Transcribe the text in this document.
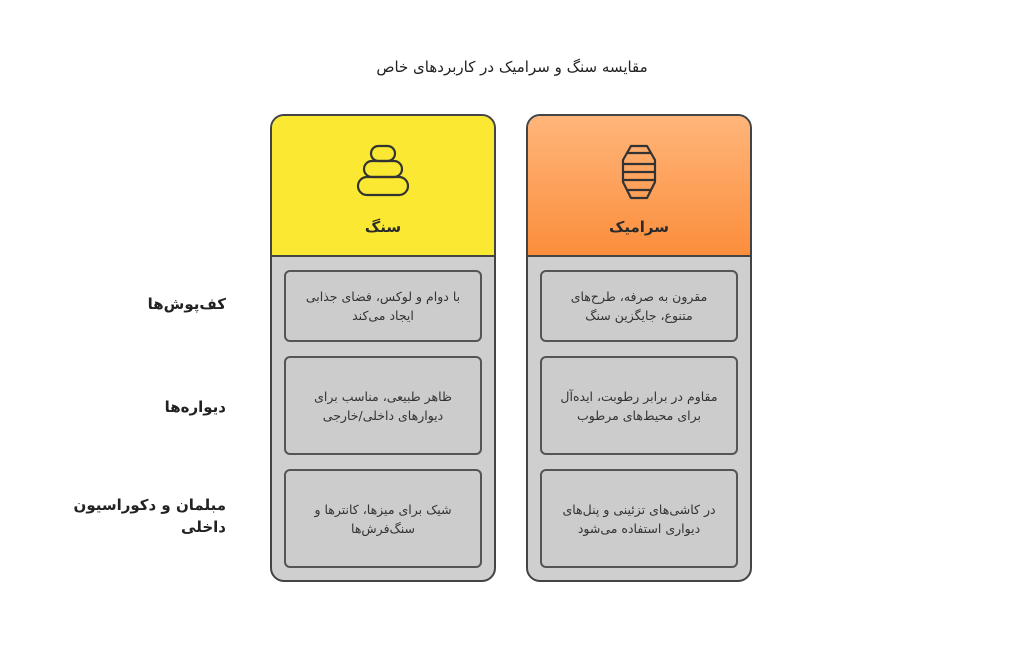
مقایسه سنگ و سرامیک در کاربردهای خاص
کف‌پوش‌ها
دیواره‌ها
مبلمان و دکوراسیون داخلی
سنگ
با دوام و لوکس، فضای جذابی ایجاد می‌کند
ظاهر طبیعی، مناسب برای دیوارهای داخلی/خارجی
شیک برای میزها، کانترها و سنگ‌فرش‌ها
سرامیک
مقرون به صرفه، طرح‌های متنوع، جایگزین سنگ
مقاوم در برابر رطوبت، ایده‌آل برای محیط‌های مرطوب
در کاشی‌های تزئینی و پنل‌های دیواری استفاده می‌شود
